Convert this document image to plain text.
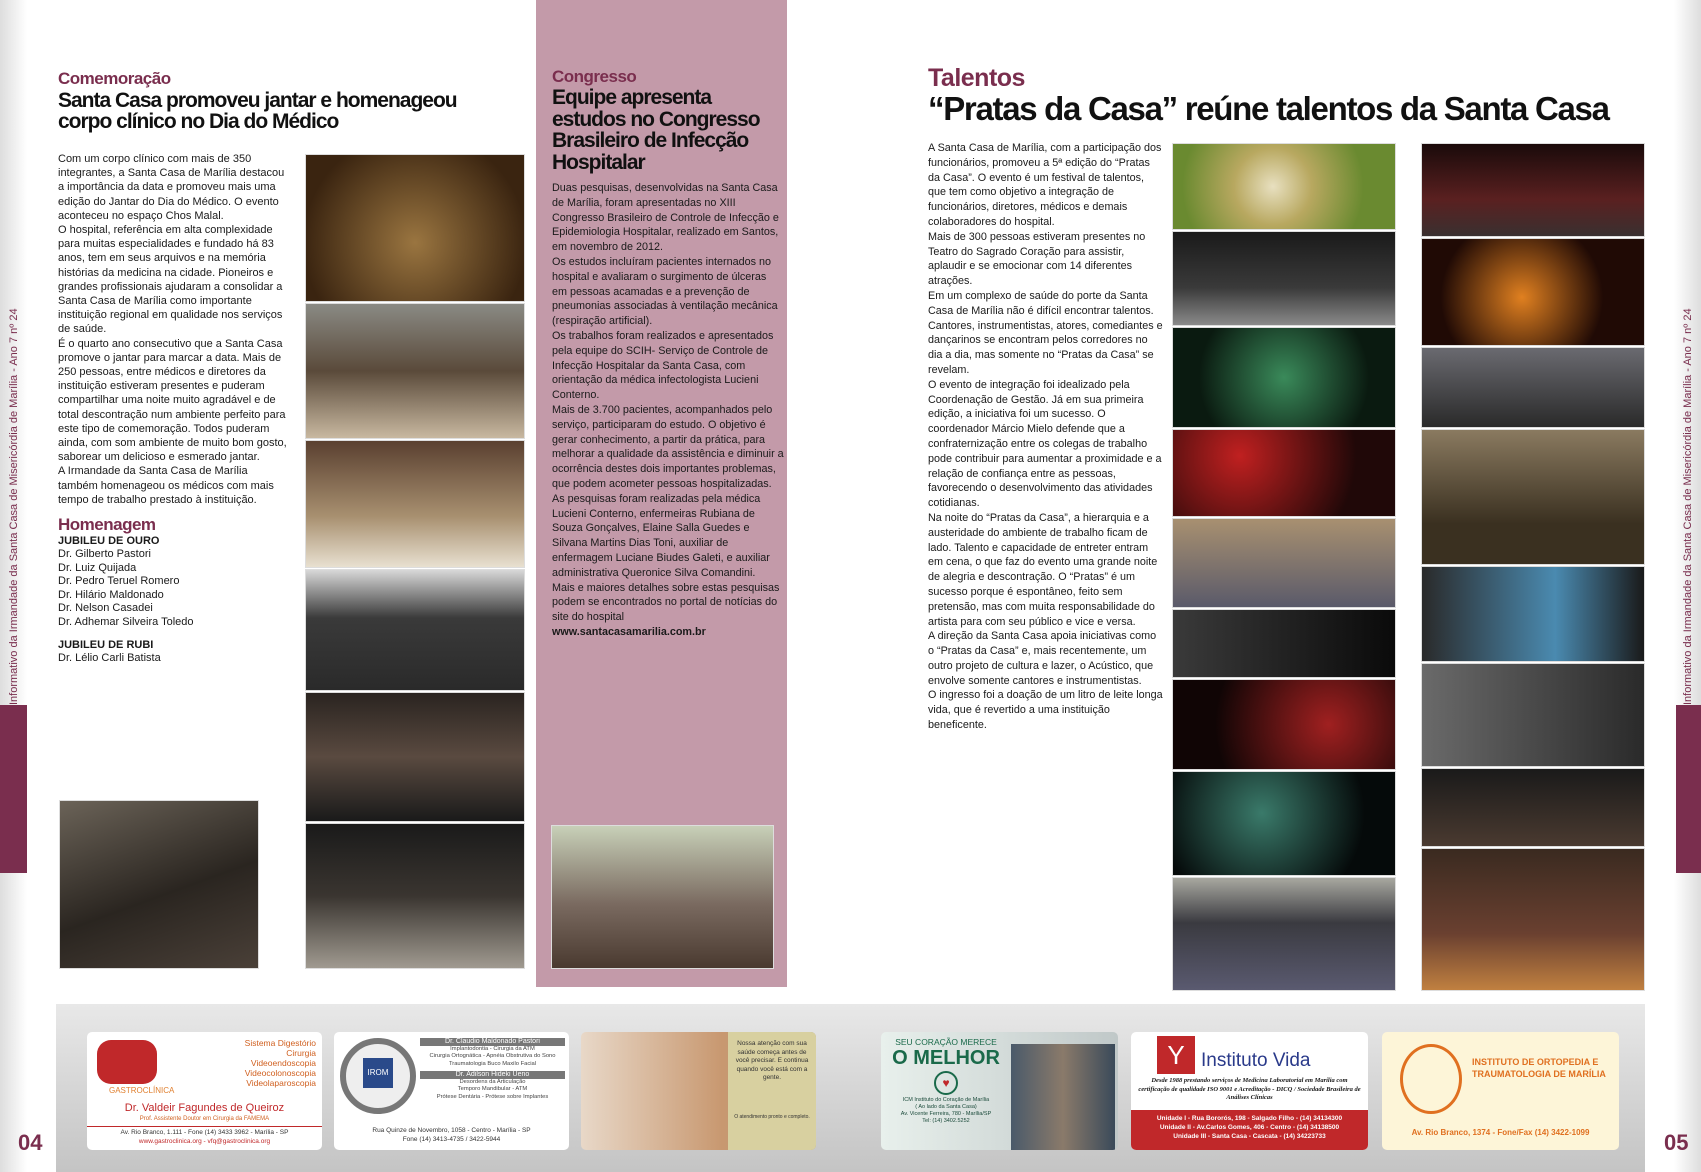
Informativo da Irmandade da Santa Casa de Misericórdia de Marília - Ano 7 nº 24	Informativo da Irmandade da Santa Casa de Misericórdia de Marília - Ano 7 nº 24
04	05
Comemoração
Santa Casa promoveu jantar e homenageou corpo clínico no Dia do Médico

Com um corpo clínico com mais de 350 integrantes, a Santa Casa de Marília destacou a importância da data e promoveu mais uma edição do Jantar do Dia do Médico. O evento aconteceu no espaço Chos Malal.

O hospital, referência em alta complexidade para muitas especialidades e fundado há 83 anos, tem em seus arquivos e na memória histórias da medicina na cidade. Pioneiros e grandes profissionais ajudaram a consolidar a Santa Casa de Marília como importante instituição regional em qualidade nos serviços de saúde.

É o quarto ano consecutivo que a Santa Casa promove o jantar para marcar a data. Mais de 250 pessoas, entre médicos e diretores da instituição estiveram presentes e puderam compartilhar uma noite muito agradável e de total descontração num ambiente perfeito para este tipo de comemoração. Todos puderam ainda, com som ambiente de muito bom gosto, saborear um delicioso e esmerado jantar.

A Irmandade da Santa Casa de Marília também homenageou os médicos com mais tempo de trabalho prestado à instituição.

Homenagem
JUBILEU DE OURO
Dr. Gilberto Pastori
Dr. Luiz Quijada
Dr. Pedro Teruel Romero
Dr. Hilário Maldonado
Dr. Nelson Casadei
Dr. Adhemar Silveira Toledo
JUBILEU DE RUBI
Dr. Lélio Carli Batista
Congresso
Equipe apresenta estudos no Congresso Brasileiro de Infecção Hospitalar

Duas pesquisas, desenvolvidas na Santa Casa de Marília, foram apresentadas no XIII Congresso Brasileiro de Controle de Infecção e Epidemiologia Hospitalar, realizado em Santos, em novembro de 2012.

Os estudos incluíram pacientes internados no hospital e avaliaram o surgimento de úlceras em pessoas acamadas e a prevenção de pneumonias associadas à ventilação mecânica (respiração artificial).

Os trabalhos foram realizados e apresentados pela equipe do SCIH- Serviço de Controle de Infecção Hospitalar da Santa Casa, com orientação da médica infectologista Lucieni Conterno.

Mais de 3.700 pacientes, acompanhados pelo serviço, participaram do estudo. O objetivo é gerar conhecimento, a partir da prática, para melhorar a qualidade da assistência e diminuir a ocorrência destes dois importantes problemas, que podem acometer pessoas hospitalizadas.

As pesquisas foram realizadas pela médica Lucieni Conterno, enfermeiras Rubiana de Souza Gonçalves, Elaine Salla Guedes e Silvana Martins Dias Toni, auxiliar de enfermagem Luciane Biudes Galeti, e auxiliar administrativa Queronice Silva Comandini.

Mais e maiores detalhes sobre estas pesquisas podem se encontrados no portal de notícias do site do hospital

www.santacasamarilia.com.br

Talentos
“Pratas da Casa” reúne talentos da Santa Casa

A Santa Casa de Marília, com a participação dos funcionários, promoveu a 5ª edição do “Pratas da Casa”. O evento é um festival de talentos, que tem como objetivo a integração de funcionários, diretores, médicos e demais colaboradores do hospital.

Mais de 300 pessoas estiveram presentes no Teatro do Sagrado Coração para assistir, aplaudir e se emocionar com 14 diferentes atrações.

Em um complexo de saúde do porte da Santa Casa de Marília não é difícil encontrar talentos. Cantores, instrumentistas, atores, comediantes e dançarinos se encontram pelos corredores no dia a dia, mas somente no “Pratas da Casa” se revelam.

O evento de integração foi idealizado pela Coordenação de Gestão. Já em sua primeira edição, a iniciativa foi um sucesso. O coordenador Márcio Mielo defende que a confraternização entre os colegas de trabalho pode contribuir para aumentar a proximidade e a relação de confiança entre as pessoas, favorecendo o desenvolvimento das atividades cotidianas.

Na noite do “Pratas da Casa”, a hierarquia e a austeridade do ambiente de trabalho ficam de lado. Talento e capacidade de entreter entram em cena, o que faz do evento uma grande noite de alegria e descontração. O “Pratas” é um sucesso porque é espontâneo, feito sem pretensão, mas com muita responsabilidade do artista para com seu público e vice e versa.

A direção da Santa Casa apoia iniciativas como o “Pratas da Casa” e, mais recentemente, um outro projeto de cultura e lazer, o Acústico, que envolve somente cantores e instrumentistas.

O ingresso foi a doação de um litro de leite longa vida, que é revertido a uma instituição beneficente.

GASTROCLÍNICA
Sistema Digestório
Cirurgia
Videoendoscopia
Videocolonoscopia
Videolaparoscopia
Dr. Valdeir Fagundes de Queiroz
Prof. Assistente Doutor em Cirurgia da FAMEMA
Av. Rio Branco, 1.111 - Fone (14) 3433 3962 - Marília - SP
www.gastroclinica.org - vfq@gastroclinica.org
IROM
Dr. Claudio Maldonado Pastori
Implantodontia - Cirurgia da ATM
Cirurgia Ortognática - Apnéia Obstrutiva do Sono
Traumatologia Buco Maxilo Facial
Dr. Adilson Hideki Ueno
Desordens da Articulação
Temporo Mandibular - ATM
Prótese Dentária - Prótese sobre Implantes
Rua Quinze de Novembro, 1058 - Centro - Marília - SP
Fone (14) 3413-4735 / 3422-5944
Nossa atenção com sua saúde começa antes de você precisar. E continua quando você está com a gente.
O atendimento pronto e completo.
SEU CORAÇÃO MERECE
O MELHOR
♥
ICM Instituto do Coração de Marília
( Ao lado da Santa Casa)
Av. Vicente Ferreira, 780 - Marília/SP
Tel: (14) 3402.5252
Y Instituto Vida
Desde 1988 prestando serviços de Medicina Laboratorial em Marília com certificação de qualidade ISO 9001 e Acreditação - DICQ / Sociedade Brasileira de Análises Clínicas
Unidade I - Rua Bororós, 198 - Salgado Filho - (14) 34134300
Unidade II - Av.Carlos Gomes, 406 - Centro - (14) 34138500
Unidade III - Santa Casa - Cascata - (14) 34223733
INSTITUTO DE ORTOPEDIA E TRAUMATOLOGIA DE MARÍLIA
Av. Rio Branco, 1374 - Fone/Fax (14) 3422-1099
